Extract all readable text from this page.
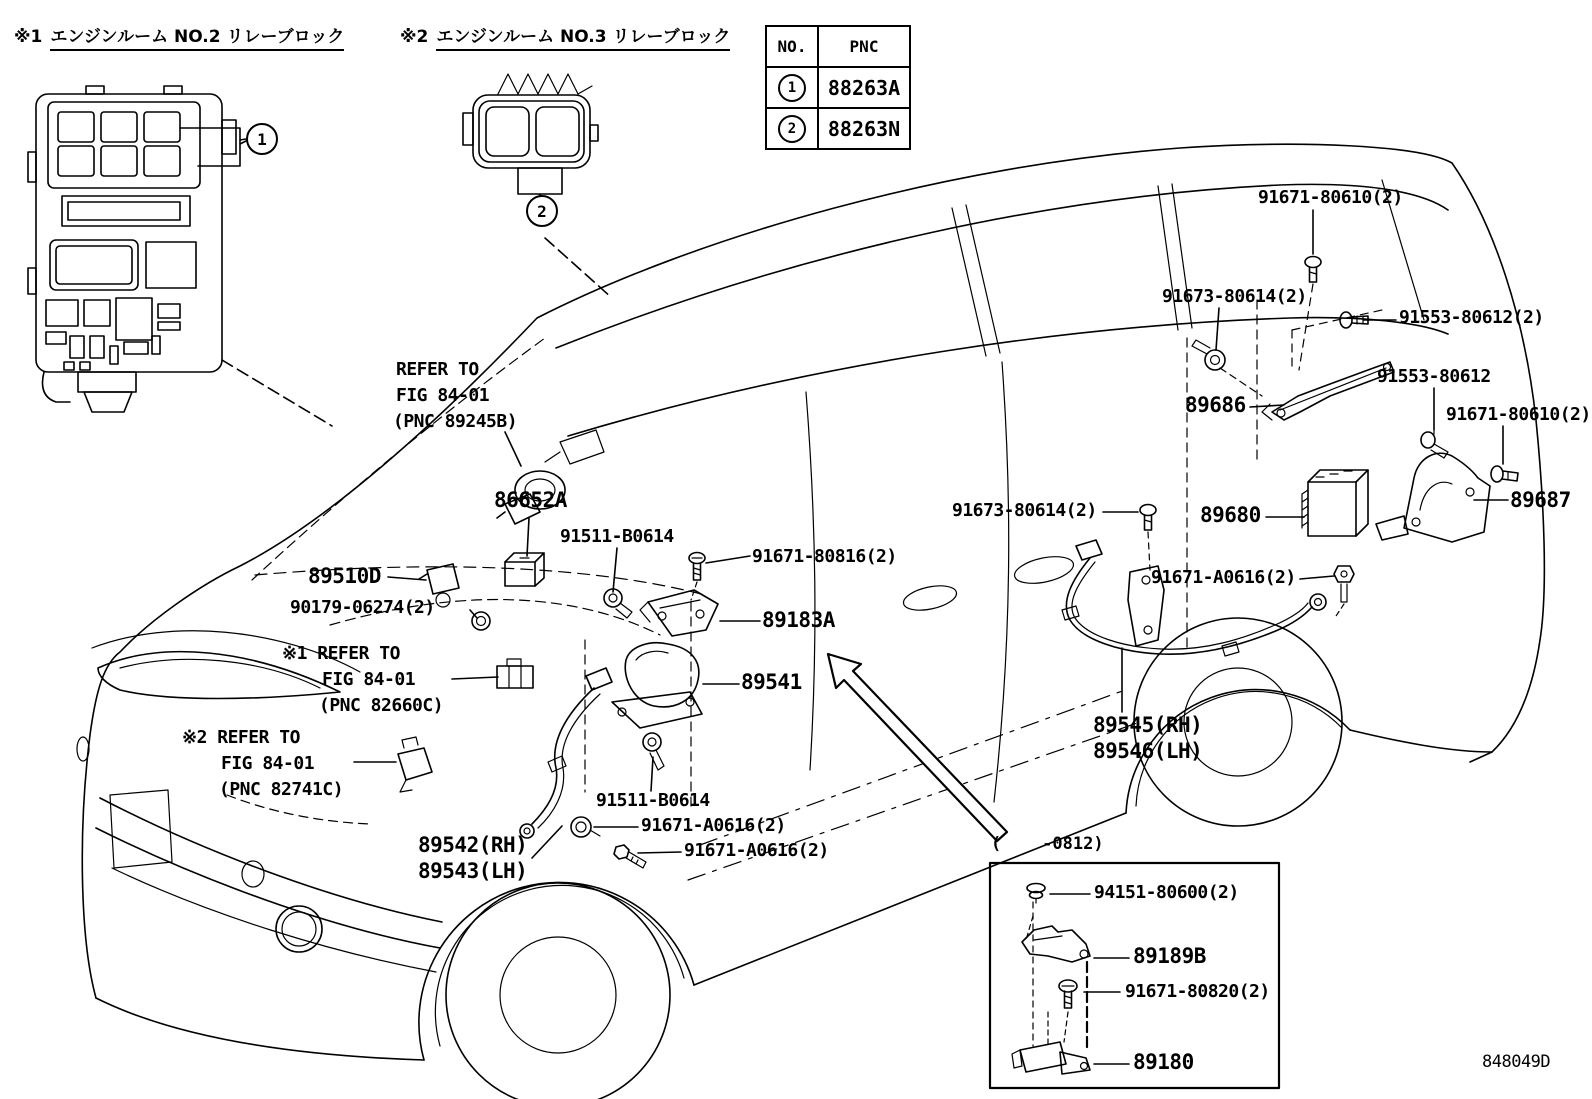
※1 エンジンルーム NO.2 リレーブロック	※2 エンジンルーム NO.3 リレーブロック	NO.	PNC
1	88263A
2	88263N
1
2
REFER TO
FIG 84-01
(PNC 89245B)
86652A
91511-B0614
89510D
90179-06274(2)
※1 REFER TO
FIG 84-01
(PNC 82660C)
※2 REFER TO
FIG 84-01
(PNC 82741C)
91671-80816(2)
89183A
89541
91511-B0614
91671-A0616(2)
91671-A0616(2)
89542(RH)
89543(LH)
91671-80610(2)
91673-80614(2)
91553-80612(2)
91553-80612
91671-80610(2)
89686
89687
89680
91673-80614(2)
91671-A0616(2)
89545(RH)
89546(LH)
(    -0812)
94151-80600(2)
89189B
91671-80820(2)
89180	848049D
